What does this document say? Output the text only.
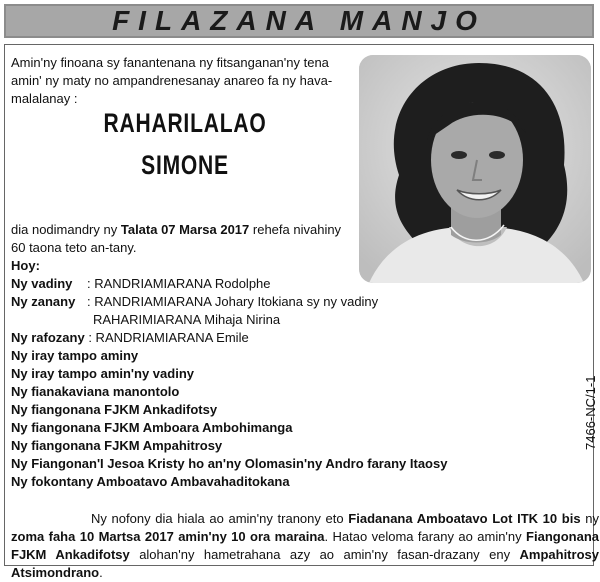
FILAZANA MANJO
Amin'ny finoana sy fanantenana ny fitsanganan'ny tena amin' ny maty no ampandrenesanay anareo fa ny hava-malalanay :
RAHARILALAO
SIMONE
dia nodimandry ny Talata 07 Marsa 2017 rehefa nivahiny
60 taona teto an-tany.
Hoy:
Ny vadiny : RANDRIAMIARANA Rodolphe
Ny zanany : RANDRIAMIARANA Johary Itokiana sy ny vadiny
RAHARIMIARANA Mihaja Nirina
Ny rafozany : RANDRIAMIARANA Emile
Ny iray tampo aminy
Ny iray tampo amin'ny vadiny
Ny fianakaviana manontolo
Ny fiangonana FJKM Ankadifotsy
Ny fiangonana FJKM Amboara Ambohimanga
Ny fiangonana FJKM Ampahitrosy
Ny Fiangonan'I Jesoa Kristy ho an'ny Olomasin'ny Andro farany Itaosy
Ny fokontany Amboatavo Ambavahaditokana
7466-NC/1-1
Ny nofony dia hiala ao amin'ny tranony eto Fiadanana Amboatavo Lot ITK 10 bis ny zoma faha 10 Martsa 2017 amin'ny 10 ora maraina. Hatao veloma farany ao amin'ny Fiangonana FJKM Ankadifotsy alohan'ny hametrahana azy ao amin'ny fasan-drazany eny Ampahitrosy Atsimondrano.
